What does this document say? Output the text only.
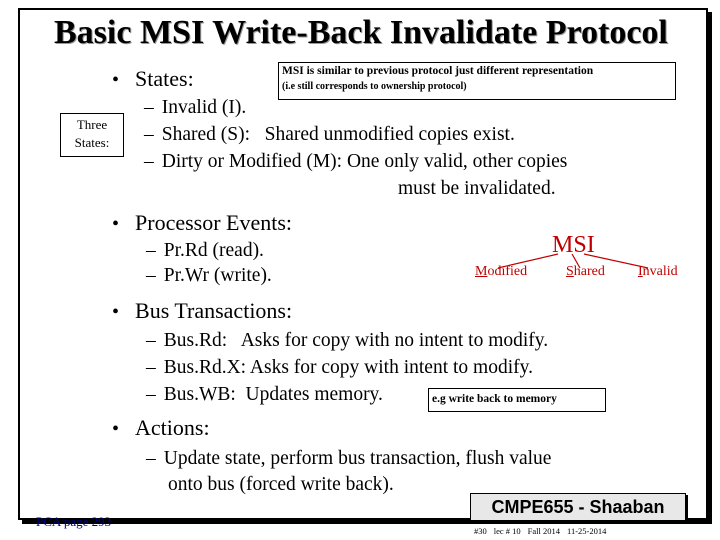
Basic MSI Write-Back Invalidate Protocol
• States:	MSI is similar to previous protocol just different representation
(i.e still corresponds to ownership protocol)
Three
States:
– Invalid (I).
– Shared (S):   Shared unmodified copies exist.
– Dirty or Modified (M): One only valid, other copies
must be invalidated.
• Processor Events:
– Pr.Rd (read).
– Pr.Wr (write).
MSI
Modified	Shared Invalid
• Bus Transactions:
– Bus.Rd:   Asks for copy with no intent to modify.
– Bus.Rd.X: Asks for copy with intent to modify.
– Bus.WB:  Updates memory.	e.g write back to memory
• Actions:
– Update state, perform bus transaction, flush value
onto bus (forced write back).
PCA page 293
CMPE655 - Shaaban
#30 lec # 10 Fall 2014 11-25-2014
